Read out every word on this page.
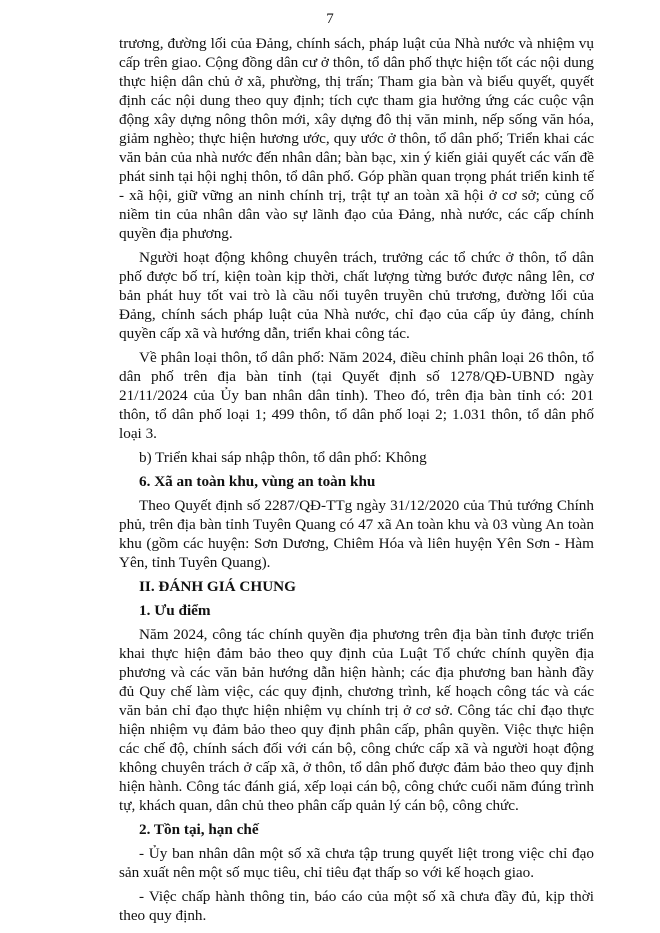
7

trương, đường lối của Đảng, chính sách, pháp luật của Nhà nước và nhiệm vụ cấp trên giao. Cộng đồng dân cư ở thôn, tổ dân phố thực hiện tốt các nội dung thực hiện dân chủ ở xã, phường, thị trấn; Tham gia bàn và biểu quyết, quyết định các nội dung theo quy định; tích cực tham gia hưởng ứng các cuộc vận động xây dựng nông thôn mới, xây dựng đô thị văn minh, nếp sống văn hóa, giảm nghèo; thực hiện hương ước, quy ước ở thôn, tổ dân phố; Triển khai các văn bản của nhà nước đến nhân dân; bàn bạc, xin ý kiến giải quyết các vấn đề phát sinh tại hội nghị thôn, tổ dân phố. Góp phần quan trọng phát triển kinh tế - xã hội, giữ vững an ninh chính trị, trật tự an toàn xã hội ở cơ sở; củng cố niềm tin của nhân dân vào sự lãnh đạo của Đảng, nhà nước, các cấp chính quyền địa phương.

Người hoạt động không chuyên trách, trưởng các tổ chức ở thôn, tổ dân phố được bố trí, kiện toàn kịp thời, chất lượng từng bước được nâng lên, cơ bản phát huy tốt vai trò là cầu nối tuyên truyền chủ trương, đường lối của Đảng, chính sách pháp luật của Nhà nước, chỉ đạo của cấp ủy đảng, chính quyền cấp xã và hướng dẫn, triển khai công tác.

Về phân loại thôn, tổ dân phố: Năm 2024, điều chỉnh phân loại 26 thôn, tổ dân phố trên địa bàn tỉnh (tại Quyết định số 1278/QĐ-UBND ngày 21/11/2024 của Ủy ban nhân dân tỉnh). Theo đó, trên địa bàn tỉnh có: 201 thôn, tổ dân phố loại 1; 499 thôn, tổ dân phố loại 2; 1.031 thôn, tổ dân phố loại 3.

b) Triển khai sáp nhập thôn, tổ dân phố: Không

6. Xã an toàn khu, vùng an toàn khu

Theo Quyết định số 2287/QĐ-TTg ngày 31/12/2020 của Thủ tướng Chính phủ, trên địa bàn tỉnh Tuyên Quang có 47 xã An toàn khu và 03 vùng An toàn khu (gồm các huyện: Sơn Dương, Chiêm Hóa và liên huyện Yên Sơn - Hàm Yên, tỉnh Tuyên Quang).

II. ĐÁNH GIÁ CHUNG
1. Ưu điểm

Năm 2024, công tác chính quyền địa phương trên địa bàn tỉnh được triển khai thực hiện đảm bảo theo quy định của Luật Tổ chức chính quyền địa phương và các văn bản hướng dẫn hiện hành; các địa phương ban hành đầy đủ Quy chế làm việc, các quy định, chương trình, kế hoạch công tác và các văn bản chỉ đạo thực hiện nhiệm vụ chính trị ở cơ sở. Công tác chỉ đạo thực hiện nhiệm vụ đảm bảo theo quy định phân cấp, phân quyền. Việc thực hiện các chế độ, chính sách đối với cán bộ, công chức cấp xã và người hoạt động không chuyên trách ở cấp xã, ở thôn, tổ dân phố được đảm bảo theo quy định hiện hành. Công tác đánh giá, xếp loại cán bộ, công chức cuối năm đúng trình tự, khách quan, dân chủ theo phân cấp quản lý cán bộ, công chức.

2. Tồn tại, hạn chế

- Ủy ban nhân dân một số xã chưa tập trung quyết liệt trong việc chỉ đạo sản xuất nên một số mục tiêu, chỉ tiêu đạt thấp so với kế hoạch giao.

- Việc chấp hành thông tin, báo cáo của một số xã chưa đầy đủ, kịp thời theo quy định.
